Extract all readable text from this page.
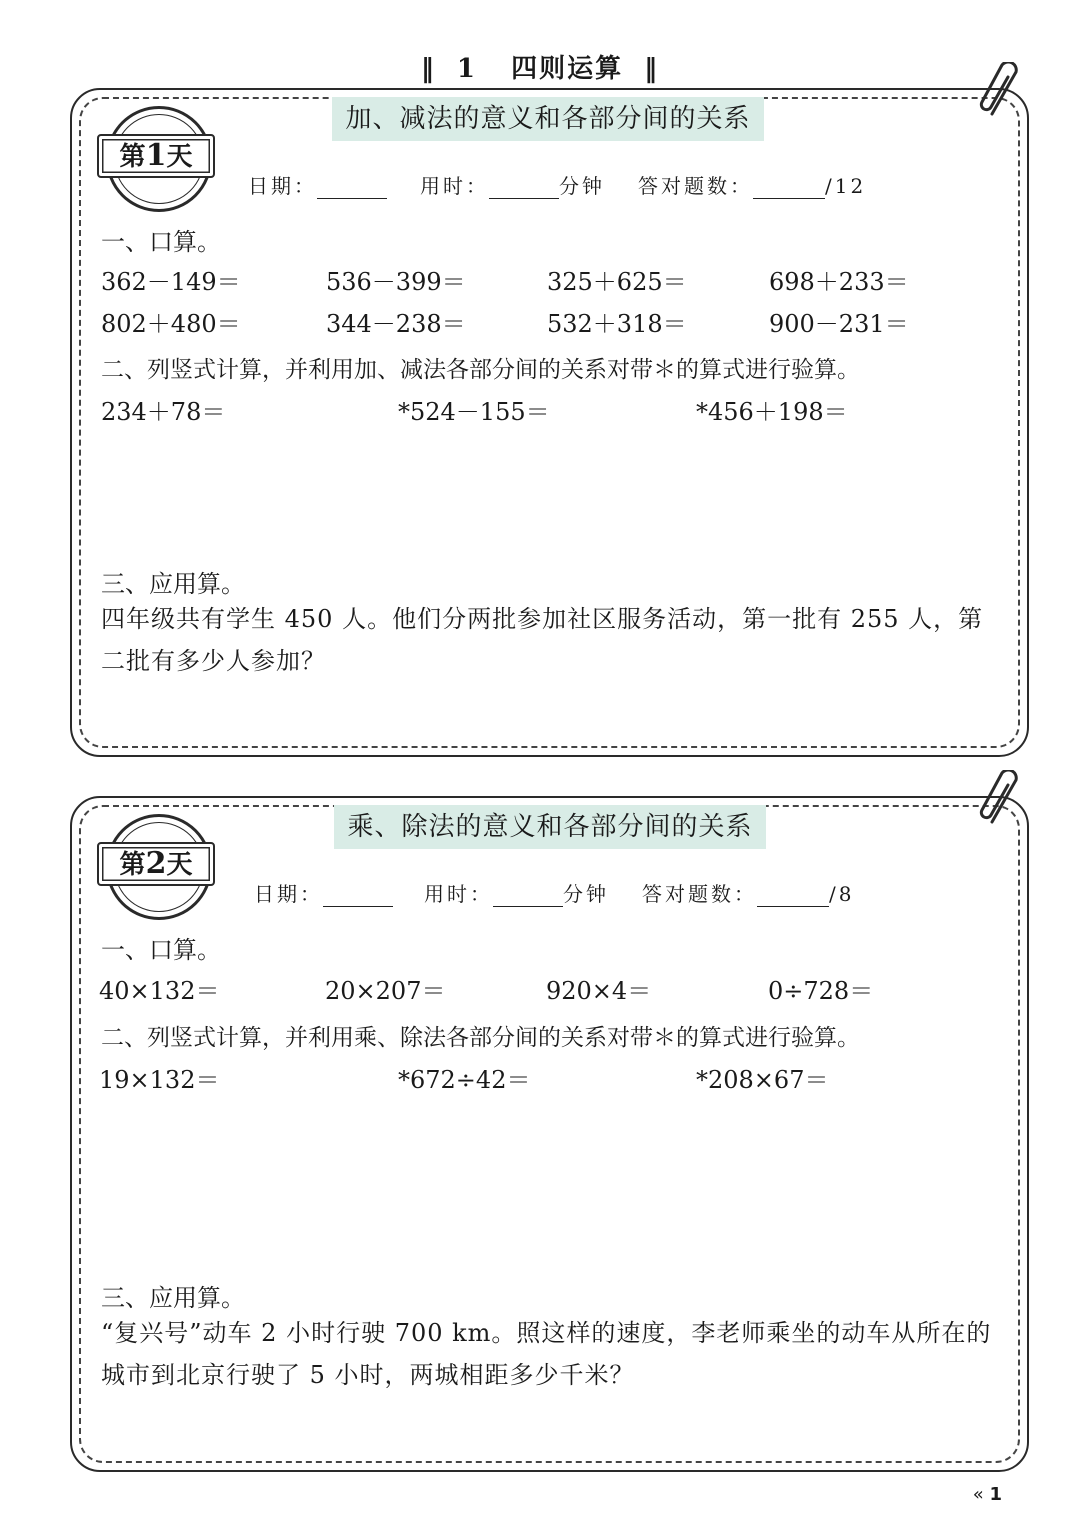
‖ 1 四则运算 ‖
加、减法的意义和各部分间的关系
第1天
日期：	用时：	分钟 答对题数：	/12
一、口算。
362－149＝	536－399＝	325＋625＝	698＋233＝
802＋480＝	344－238＝	532＋318＝	900－231＝
二、列竖式计算，并利用加、减法各部分间的关系对带＊的算式进行验算。
234＋78＝	*524－155＝	*456＋198＝
三、应用算。
四年级共有学生 450 人。他们分两批参加社区服务活动，第一批有 255 人，第二批有多少人参加？
乘、除法的意义和各部分间的关系
第2天
日期：	用时：	分钟 答对题数：	/8
一、口算。
40×132＝	20×207＝	920×4＝	0÷728＝
二、列竖式计算，并利用乘、除法各部分间的关系对带＊的算式进行验算。
19×132＝	*672÷42＝	*208×67＝
三、应用算。
“复兴号”动车 2 小时行驶 700 km。照这样的速度，李老师乘坐的动车从所在的城市到北京行驶了 5 小时，两城相距多少千米？
« 1
